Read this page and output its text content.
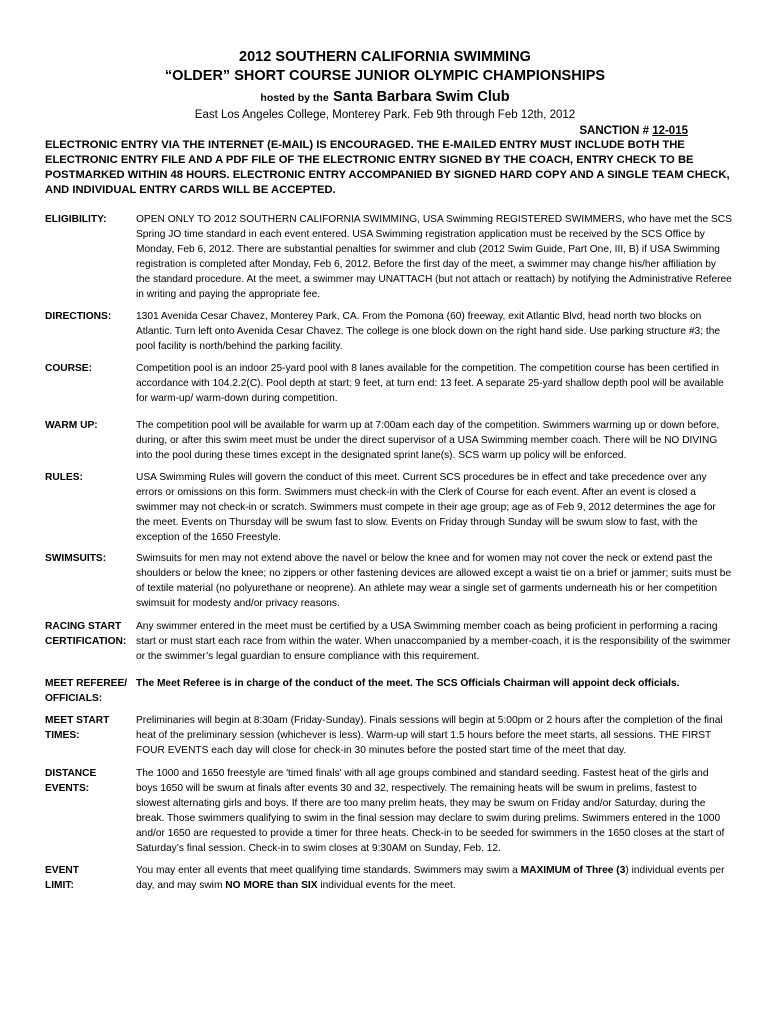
2012 SOUTHERN CALIFORNIA SWIMMING
“OLDER” SHORT COURSE JUNIOR OLYMPIC CHAMPIONSHIPS
hosted by the Santa Barbara Swim Club
East Los Angeles College, Monterey Park. Feb 9th through Feb 12th, 2012
SANCTION # 12-015

ELECTRONIC ENTRY VIA THE INTERNET (E-MAIL) IS ENCOURAGED. THE E-MAILED ENTRY MUST INCLUDE BOTH THE ELECTRONIC ENTRY FILE AND A PDF FILE OF THE ELECTRONIC ENTRY SIGNED BY THE COACH, ENTRY CHECK TO BE POSTMARKED WITHIN 48 HOURS. ELECTRONIC ENTRY ACCOMPANIED BY SIGNED HARD COPY AND A SINGLE TEAM CHECK, AND INDIVIDUAL ENTRY CARDS WILL BE ACCEPTED.

ELIGIBILITY:	OPEN ONLY TO 2012 SOUTHERN CALIFORNIA SWIMMING, USA Swimming REGISTERED SWIMMERS, who have met the SCS Spring JO time standard in each event entered. USA Swimming registration application must be received by the SCS Office by Monday, Feb 6, 2012. There are substantial penalties for swimmer and club (2012 Swim Guide, Part One, III, B) if USA Swimming registration is completed after Monday, Feb 6, 2012. Before the first day of the meet, a swimmer may change his/her affiliation by the standard procedure. At the meet, a swimmer may UNATTACH (but not attach or reattach) by notifying the Administrative Referee in writing and paying the appropriate fee.

DIRECTIONS:	1301 Avenida Cesar Chavez, Monterey Park, CA. From the Pomona (60) freeway, exit Atlantic Blvd, head north two blocks on Atlantic. Turn left onto Avenida Cesar Chavez. The college is one block down on the right hand side. Use parking structure #3; the pool facility is north/behind the parking facility.

COURSE:	Competition pool is an indoor 25-yard pool with 8 lanes available for the competition. The competition course has been certified in accordance with 104.2.2(C). Pool depth at start: 9 feet, at turn end: 13 feet. A separate 25-yard shallow depth pool will be available for warm-up/ warm-down during competition.

WARM UP:	The competition pool will be available for warm up at 7:00am each day of the competition. Swimmers warming up or down before, during, or after this swim meet must be under the direct supervisor of a USA Swimming member coach. There will be NO DIVING into the pool during these times except in the designated sprint lane(s). SCS warm up policy will be enforced.

RULES:	USA Swimming Rules will govern the conduct of this meet. Current SCS procedures be in effect and take precedence over any errors or omissions on this form. Swimmers must check-in with the Clerk of Course for each event. After an event is closed a swimmer may not check-in or scratch. Swimmers must compete in their age group; age as of Feb 9, 2012 determines the age for the meet. Events on Thursday will be swum fast to slow. Events on Friday through Sunday will be swum slow to fast, with the exception of the 1650 Freestyle.

SWIMSUITS:	Swimsuits for men may not extend above the navel or below the knee and for women may not cover the neck or extend past the shoulders or below the knee; no zippers or other fastening devices are allowed except a waist tie on a brief or jammer; suits must be of textile material (no polyurethane or neoprene). An athlete may wear a single set of garments underneath his or her competition swimsuit for modesty and/or privacy reasons.

RACING START
CERTIFICATION:

Any swimmer entered in the meet must be certified by a USA Swimming member coach as being proficient in performing a racing start or must start each race from within the water. When unaccompanied by a member-coach, it is the responsibility of the swimmer or the swimmer’s legal guardian to ensure compliance with this requirement.

MEET REFEREE/
OFFICIALS:

The Meet Referee is in charge of the conduct of the meet. The SCS Officials Chairman will appoint deck officials.

MEET START
TIMES:

Preliminaries will begin at 8:30am (Friday-Sunday). Finals sessions will begin at 5:00pm or 2 hours after the completion of the final heat of the preliminary session (whichever is less). Warm-up will start 1.5 hours before the meet starts, all sessions. THE FIRST FOUR EVENTS each day will close for check-in 30 minutes before the posted start time of the meet that day.

DISTANCE
EVENTS:

The 1000 and 1650 freestyle are 'timed finals' with all age groups combined and standard seeding. Fastest heat of the girls and boys 1650 will be swum at finals after events 30 and 32, respectively. The remaining heats will be swum in prelims, fastest to slowest alternating girls and boys. If there are too many prelim heats, they may be swum on Friday and/or Saturday, during the break. Those swimmers qualifying to swim in the final session may declare to swim during prelims. Swimmers entered in the 1000 and/or 1650 are requested to provide a timer for three heats. Check-in to be seeded for swimmers in the 1650 closes at the start of Saturday’s final session. Check-in to swim closes at 9:30AM on Sunday, Feb. 12.

EVENT
LIMIT:

You may enter all events that meet qualifying time standards. Swimmers may swim a MAXIMUM of Three (3) individual events per day, and may swim NO MORE than SIX individual events for the meet.
